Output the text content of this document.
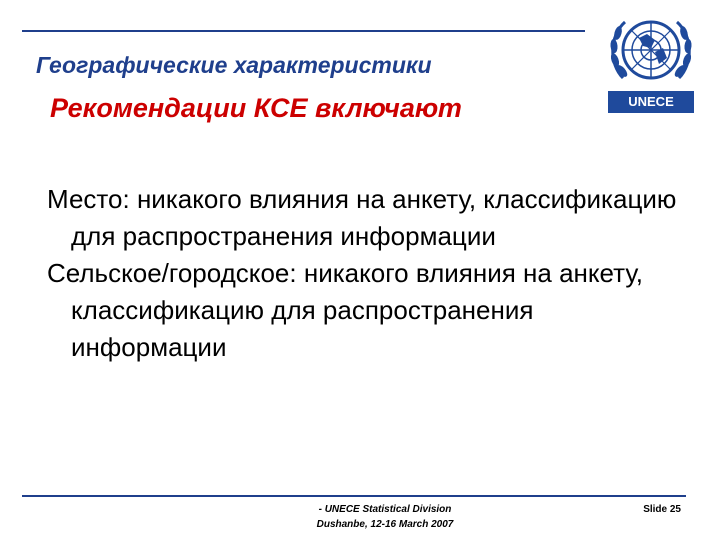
Географические характеристики
Рекомендации КСЕ включают	UNECE

Место: никакого влияния на анкету, классификацию для распространения информации

Сельское/городское: никакого влияния на анкету, классификацию для распространения информации

- UNECE Statistical Division
Dushanbe, 12-16 March 2007
Slide 25
